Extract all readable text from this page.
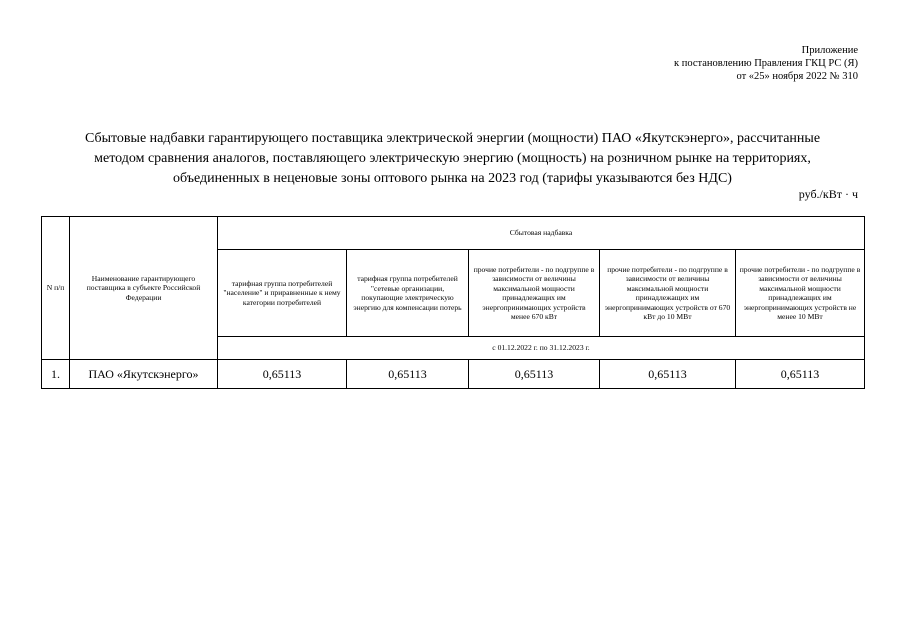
Приложение
к постановлению Правления ГКЦ РС (Я)
от «25» ноября 2022 № 310
Сбытовые надбавки гарантирующего поставщика электрической энергии (мощности) ПАО «Якутскэнерго», рассчитанные
методом сравнения аналогов, поставляющего электрическую энергию (мощность) на розничном рынке на территориях,
объединенных в неценовые зоны оптового рынка на 2023 год (тарифы указываются без НДС)
руб./кВт · ч
N п/п	Наименование гарантирующего поставщика в субъекте Российской Федерации	Сбытовая надбавка				
		тарифная группа потребителей "население" и приравненные к нему категории потребителей	тарифная группа потребителей "сетевые организации, покупающие электрическую энергию для компенсации потерь	прочие потребители - по подгруппе в зависимости от величины максимальной мощности принадлежащих им энергопринимающих устройств менее 670 кВт	прочие потребители - по подгруппе в зависимости от величины максимальной мощности принадлежащих им энергопринимающих устройств от 670 кВт до 10 МВт	прочие потребители - по подгруппе в зависимости от величины максимальной мощности принадлежащих им энергопринимающих устройств не менее 10 МВт
		с 01.12.2022 г. по 31.12.2023 г.				
1.	ПАО «Якутскэнерго»	0,65113	0,65113	0,65113	0,65113	0,65113
